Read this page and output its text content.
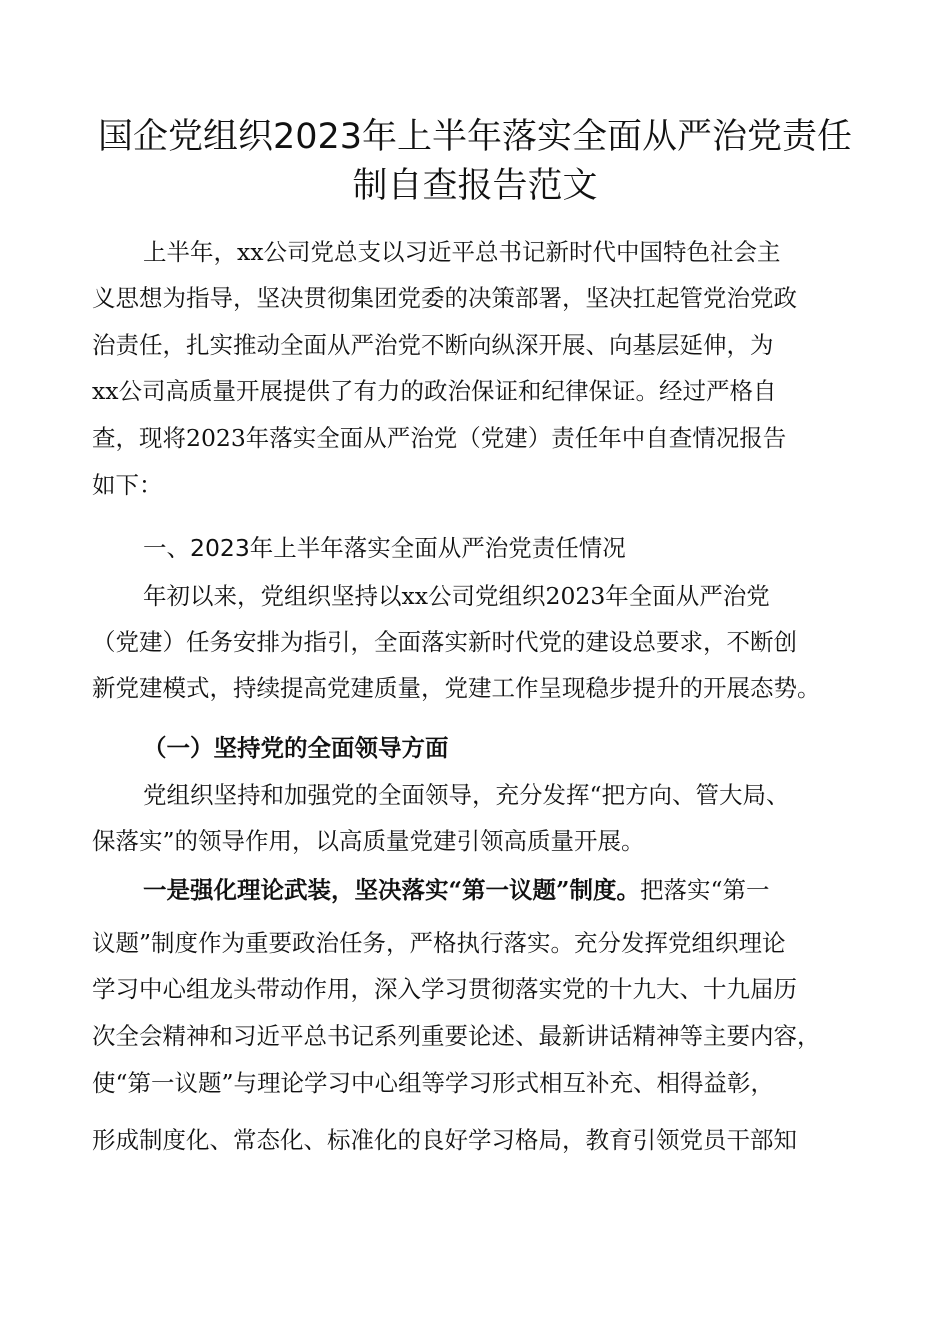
国企党组织2023年上半年落实全面从严治党责任
制自查报告范文
上半年，xx公司党总支以习近平总书记新时代中国特色社会主
义思想为指导，坚决贯彻集团党委的决策部署，坚决扛起管党治党政
治责任，扎实推动全面从严治党不断向纵深开展、向基层延伸，为
xx公司高质量开展提供了有力的政治保证和纪律保证。经过严格自
查，现将2023年落实全面从严治党（党建）责任年中自查情况报告
如下：
一、2023年上半年落实全面从严治党责任情况
年初以来，党组织坚持以xx公司党组织2023年全面从严治党
（党建）任务安排为指引，全面落实新时代党的建设总要求，不断创
新党建模式，持续提高党建质量，党建工作呈现稳步提升的开展态势。
（一）坚持党的全面领导方面
党组织坚持和加强党的全面领导，充分发挥“把方向、管大局、
保落实”的领导作用，以高质量党建引领高质量开展。
一是强化理论武装，坚决落实“第一议题”制度。把落实“第一
议题”制度作为重要政治任务，严格执行落实。充分发挥党组织理论
学习中心组龙头带动作用，深入学习贯彻落实党的十九大、十九届历
次全会精神和习近平总书记系列重要论述、最新讲话精神等主要内容，
使“第一议题”与理论学习中心组等学习形式相互补充、相得益彰，
形成制度化、常态化、标准化的良好学习格局，教育引领党员干部知
